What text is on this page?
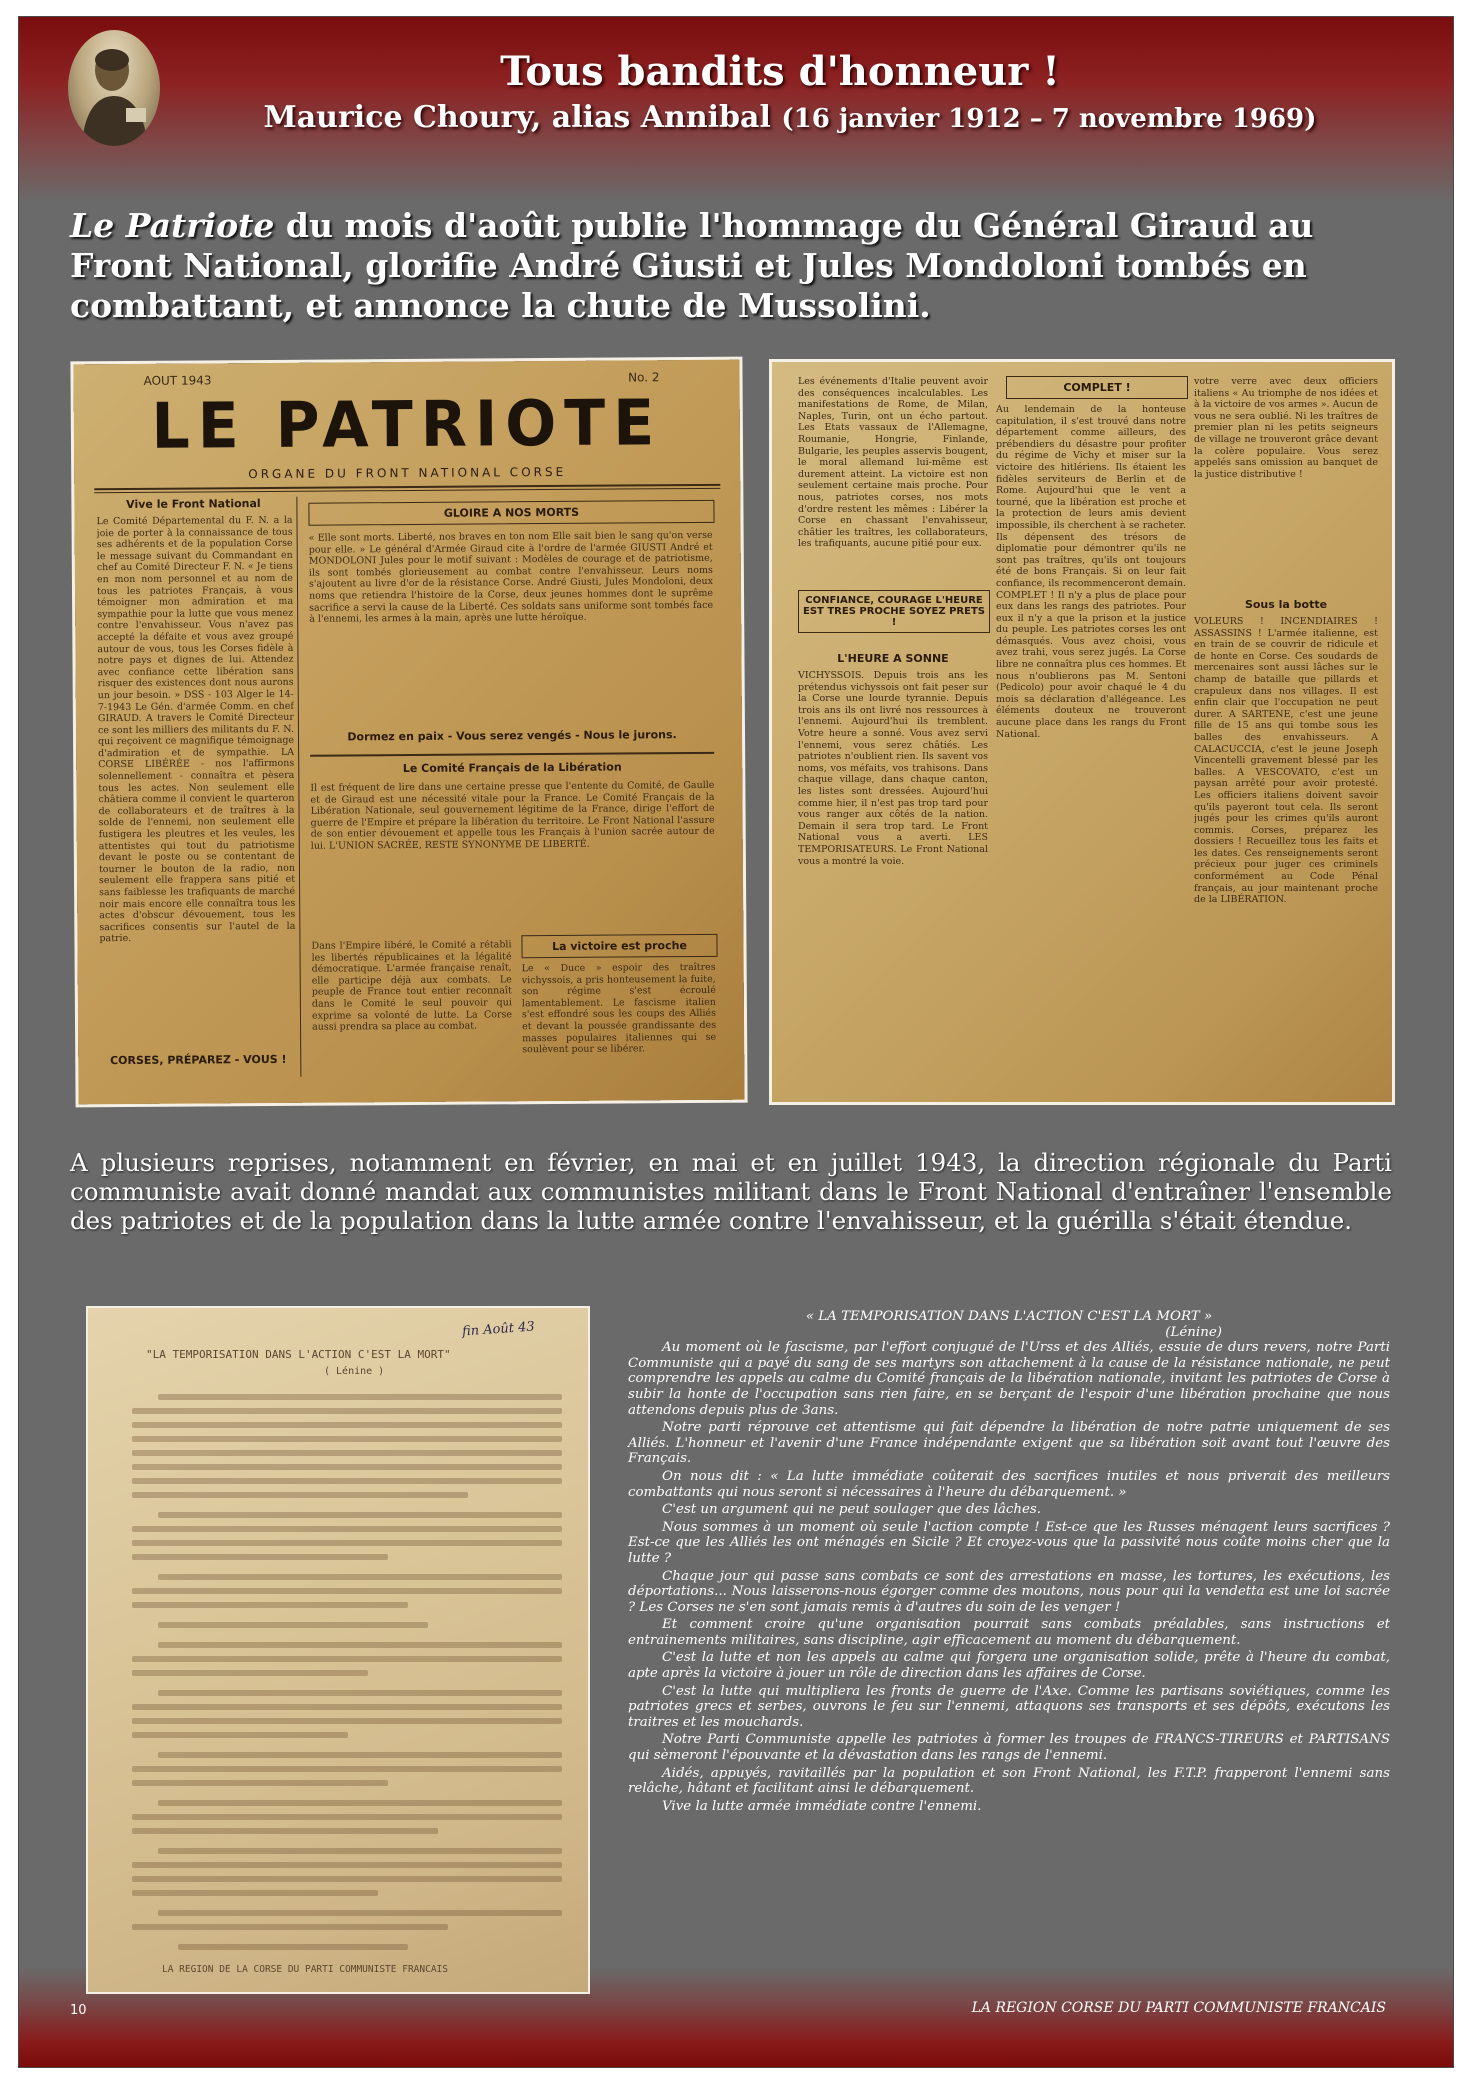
Tous bandits d'honneur !
Maurice Choury, alias Annibal (16 janvier 1912 – 7 novembre 1969)
Le Patriote du mois d'août publie l'hommage du Général Giraud au Front National, glorifie André Giusti et Jules Mondoloni tombés en combattant, et annonce la chute de Mussolini.
AOUT 1943	No. 2
LE PATRIOTE
ORGANE DU FRONT NATIONAL CORSE
Vive le Front National
Le Comité Départemental du F. N. a la joie de porter à la connaissance de tous ses adhérents et de la population Corse le message suivant du Commandant en chef au Comité Directeur F. N. « Je tiens en mon nom personnel et au nom de tous les patriotes Français, à vous témoigner mon admiration et ma sympathie pour la lutte que vous menez contre l'envahisseur. Vous n'avez pas accepté la défaite et vous avez groupé autour de vous, tous les Corses fidèle à notre pays et dignes de lui. Attendez avec confiance cette libération sans risquer des existences dont nous aurons un jour besoin. » DSS - 103 Alger le 14-7-1943 Le Gén. d'armée Comm. en chef GIRAUD. A travers le Comité Directeur ce sont les milliers des militants du F. N. qui reçoivent ce magnifique témoignage d'admiration et de sympathie. LA CORSE LIBÉRÉE - nos l'affirmons solennellement - connaîtra et pèsera tous les actes. Non seulement elle châtiera comme il convient le quarteron de collaborateurs et de traîtres à la solde de l'ennemi, non seulement elle fustigera les pleutres et les veules, les attentistes qui tout du patriotisme devant le poste ou se contentant de tourner le bouton de la radio, non seulement elle frappera sans pitié et sans faiblesse les trafiquants de marché noir mais encore elle connaîtra tous les actes d'obscur dévouement, tous les sacrifices consentis sur l'autel de la patrie.
CORSES, PRÉPAREZ - VOUS !
GLOIRE A NOS MORTS
« Elle sont morts. Liberté, nos braves en ton nom Elle sait bien le sang qu'on verse pour elle. » Le général d'Armée Giraud cite à l'ordre de l'armée GIUSTI André et MONDOLONI Jules pour le motif suivant : Modèles de courage et de patriotisme, ils sont tombés glorieusement au combat contre l'envahisseur. Leurs noms s'ajoutent au livre d'or de la résistance Corse. André Giusti, Jules Mondoloni, deux noms que retiendra l'histoire de la Corse, deux jeunes hommes dont le suprême sacrifice a servi la cause de la Liberté. Ces soldats sans uniforme sont tombés face à l'ennemi, les armes à la main, après une lutte héroïque.
Dormez en paix - Vous serez vengés - Nous le jurons.
Le Comité Français de la Libération
Il est fréquent de lire dans une certaine presse que l'entente du Comité, de Gaulle et de Giraud est une nécessité vitale pour la France. Le Comité Français de la Libération Nationale, seul gouvernement légitime de la France, dirige l'effort de guerre de l'Empire et prépare la libération du territoire. Le Front National l'assure de son entier dévouement et appelle tous les Français à l'union sacrée autour de lui. L'UNION SACRÉE, RESTE SYNONYME DE LIBERTÉ.
La victoire est proche
Le « Duce » espoir des traîtres vichyssois, a pris honteusement la fuite, son régime s'est écroulé lamentablement. Le fascisme italien s'est effondré sous les coups des Alliés et devant la poussée grandissante des masses populaires italiennes qui se soulèvent pour se libérer.
Dans l'Empire libéré, le Comité a rétabli les libertés républicaines et la légalité démocratique. L'armée française renaît, elle participe déjà aux combats. Le peuple de France tout entier reconnaît dans le Comité le seul pouvoir qui exprime sa volonté de lutte. La Corse aussi prendra sa place au combat.
Les événements d'Italie peuvent avoir des conséquences incalculables. Les manifestations de Rome, de Milan, Naples, Turin, ont un écho partout. Les Etats vassaux de l'Allemagne, Roumanie, Hongrie, Finlande, Bulgarie, les peuples asservis bougent, le moral allemand lui-même est durement atteint. La victoire est non seulement certaine mais proche. Pour nous, patriotes corses, nos mots d'ordre restent les mêmes : Libérer la Corse en chassant l'envahisseur, châtier les traîtres, les collaborateurs, les trafiquants, aucune pitié pour eux.
CONFIANCE, COURAGE L'HEURE EST TRES PROCHE SOYEZ PRETS !
L'HEURE A SONNE
VICHYSSOIS. Depuis trois ans les prétendus vichyssois ont fait peser sur la Corse une lourde tyrannie. Depuis trois ans ils ont livré nos ressources à l'ennemi. Aujourd'hui ils tremblent. Votre heure a sonné. Vous avez servi l'ennemi, vous serez châtiés. Les patriotes n'oublient rien. Ils savent vos noms, vos méfaits, vos trahisons. Dans chaque village, dans chaque canton, les listes sont dressées. Aujourd'hui comme hier, il n'est pas trop tard pour vous ranger aux côtés de la nation. Demain il sera trop tard. Le Front National vous a averti. LES TEMPORISATEURS. Le Front National vous a montré la voie.
COMPLET !
Au lendemain de la honteuse capitulation, il s'est trouvé dans notre département comme ailleurs, des prébendiers du désastre pour profiter du régime de Vichy et miser sur la victoire des hitlériens. Ils étaient les fidèles serviteurs de Berlin et de Rome. Aujourd'hui que le vent a tourné, que la libération est proche et la protection de leurs amis devient impossible, ils cherchent à se racheter. Ils dépensent des trésors de diplomatie pour démontrer qu'ils ne sont pas traîtres, qu'ils ont toujours été de bons Français. Si on leur fait confiance, ils recommenceront demain. COMPLET ! Il n'y a plus de place pour eux dans les rangs des patriotes. Pour eux il n'y a que la prison et la justice du peuple. Les patriotes corses les ont démasqués. Vous avez choisi, vous avez trahi, vous serez jugés. La Corse libre ne connaîtra plus ces hommes. Et nous n'oublierons pas M. Sentoni (Pedicolo) pour avoir chaqué le 4 du mois sa déclaration d'allégeance. Les éléments douteux ne trouveront aucune place dans les rangs du Front National.
votre verre avec deux officiers italiens « Au triomphe de nos idées et à la victoire de vos armes ». Aucun de vous ne sera oublié. Ni les traîtres de premier plan ni les petits seigneurs de village ne trouveront grâce devant la colère populaire. Vous serez appelés sans omission au banquet de la justice distributive !
Sous la botte
VOLEURS ! INCENDIAIRES ! ASSASSINS ! L'armée italienne, est en train de se couvrir de ridicule et de honte en Corse. Ces soudards de mercenaires sont aussi lâches sur le champ de bataille que pillards et crapuleux dans nos villages. Il est enfin clair que l'occupation ne peut durer. A SARTENE, c'est une jeune fille de 15 ans qui tombe sous les balles des envahisseurs. A CALACUCCIA, c'est le jeune Joseph Vincentelli gravement blessé par les balles. A VESCOVATO, c'est un paysan arrêté pour avoir protesté. Les officiers italiens doivent savoir qu'ils payeront tout cela. Ils seront jugés pour les crimes qu'ils auront commis. Corses, préparez les dossiers ! Recueillez tous les faits et les dates. Ces renseignements seront précieux pour juger ces criminels conformément au Code Pénal français, au jour maintenant proche de la LIBÉRATION.
A plusieurs reprises, notamment en février, en mai et en juillet 1943, la direction régionale du Parti communiste avait donné mandat aux communistes militant dans le Front National d'entraîner l'ensemble des patriotes et de la population dans la lutte armée contre l'envahisseur, et la guérilla s'était étendue.
fin Août 43
"LA TEMPORISATION DANS L'ACTION C'EST LA MORT"
( Lénine )
LA REGION DE LA CORSE DU PARTI COMMUNISTE FRANCAIS
« LA TEMPORISATION DANS L'ACTION C'EST LA MORT »
(Lénine)

Au moment où le fascisme, par l'effort conjugué de l'Urss et des Alliés, essuie de durs revers, notre Parti Communiste qui a payé du sang de ses martyrs son attachement à la cause de la résistance nationale, ne peut comprendre les appels au calme du Comité français de la libération nationale, invitant les patriotes de Corse à subir la honte de l'occupation sans rien faire, en se berçant de l'espoir d'une libération prochaine que nous attendons depuis plus de 3ans.

Notre parti réprouve cet attentisme qui fait dépendre la libération de notre patrie uniquement de ses Alliés. L'honneur et l'avenir d'une France indépendante exigent que sa libération soit avant tout l'œuvre des Français.

On nous dit : « La lutte immédiate coûterait des sacrifices inutiles et nous priverait des meilleurs combattants qui nous seront si nécessaires à l'heure du débarquement. »

C'est un argument qui ne peut soulager que des lâches.

Nous sommes à un moment où seule l'action compte ! Est-ce que les Russes ménagent leurs sacrifices ? Est-ce que les Alliés les ont ménagés en Sicile ? Et croyez-vous que la passivité nous coûte moins cher que la lutte ?

Chaque jour qui passe sans combats ce sont des arrestations en masse, les tortures, les exécutions, les déportations... Nous laisserons-nous égorger comme des moutons, nous pour qui la vendetta est une loi sacrée ? Les Corses ne s'en sont jamais remis à d'autres du soin de les venger !

Et comment croire qu'une organisation pourrait sans combats préalables, sans instructions et entrainements militaires, sans discipline, agir efficacement au moment du débarquement.

C'est la lutte et non les appels au calme qui forgera une organisation solide, prête à l'heure du combat, apte après la victoire à jouer un rôle de direction dans les affaires de Corse.

C'est la lutte qui multipliera les fronts de guerre de l'Axe. Comme les partisans soviétiques, comme les patriotes grecs et serbes, ouvrons le feu sur l'ennemi, attaquons ses transports et ses dépôts, exécutons les traitres et les mouchards.

Notre Parti Communiste appelle les patriotes à former les troupes de FRANCS-TIREURS et PARTISANS qui sèmeront l'épouvante et la dévastation dans les rangs de l'ennemi.

Aidés, appuyés, ravitaillés par la population et son Front National, les F.T.P. frapperont l'ennemi sans relâche, hâtant et facilitant ainsi le débarquement.

Vive la lutte armée immédiate contre l'ennemi.

10	LA REGION CORSE DU PARTI COMMUNISTE FRANCAIS
